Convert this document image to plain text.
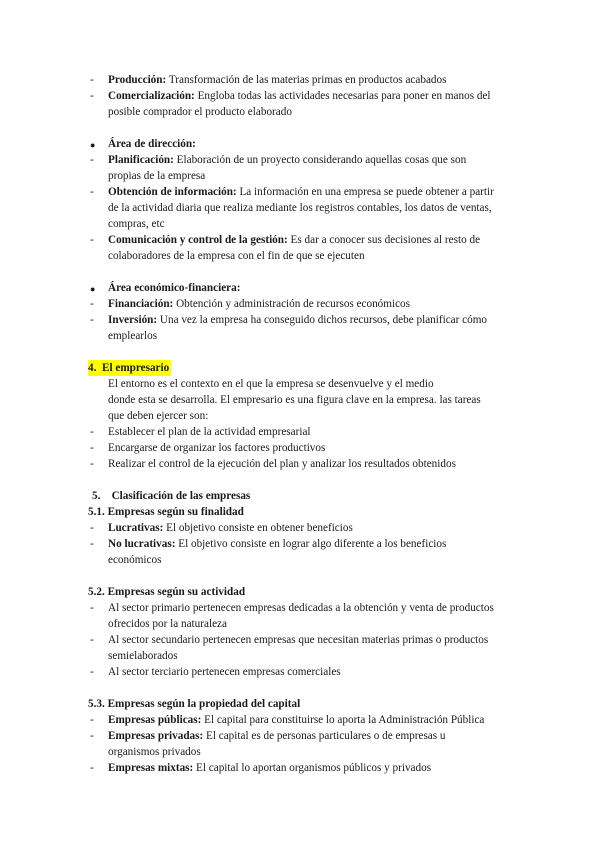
- Producción: Transformación de las materias primas en productos acabados
- Comercialización: Engloba todas las actividades necesarias para poner en manos del
posible comprador el producto elaborado
● Área de dirección:
- Planificación: Elaboración de un proyecto considerando aquellas cosas que son
propias de la empresa
- Obtención de información: La información en una empresa se puede obtener a partir
de la actividad diaria que realiza mediante los registros contables, los datos de ventas,
compras, etc
- Comunicación y control de la gestión: Es dar a conocer sus decisiones al resto de
colaboradores de la empresa con el fin de que se ejecuten
● Área económico-financiera:
- Financiación: Obtención y administración de recursos económicos
- Inversión: Una vez la empresa ha conseguido dichos recursos, debe planificar cómo
emplearlos
4. El empresario
El entorno es el contexto en el que la empresa se desenvuelve y el medio
donde esta se desarrolla. El empresario es una figura clave en la empresa. las tareas
que deben ejercer son:
- Establecer el plan de la actividad empresarial
- Encargarse de organizar los factores productivos
- Realizar el control de la ejecución del plan y analizar los resultados obtenidos
5. Clasificación de las empresas
5.1. Empresas según su finalidad
- Lucrativas: El objetivo consiste en obtener beneficios
- No lucrativas: El objetivo consiste en lograr algo diferente a los beneficios
económicos
5.2. Empresas según su actividad
- Al sector primario pertenecen empresas dedicadas a la obtención y venta de productos
ofrecidos por la naturaleza
- Al sector secundario pertenecen empresas que necesitan materias primas o productos
semielaborados
- Al sector terciario pertenecen empresas comerciales
5.3. Empresas según la propiedad del capital
- Empresas públicas: El capital para constituirse lo aporta la Administración Pública
- Empresas privadas: El capital es de personas particulares o de empresas u
organismos privados
- Empresas mixtas: El capital lo aportan organismos públicos y privados
